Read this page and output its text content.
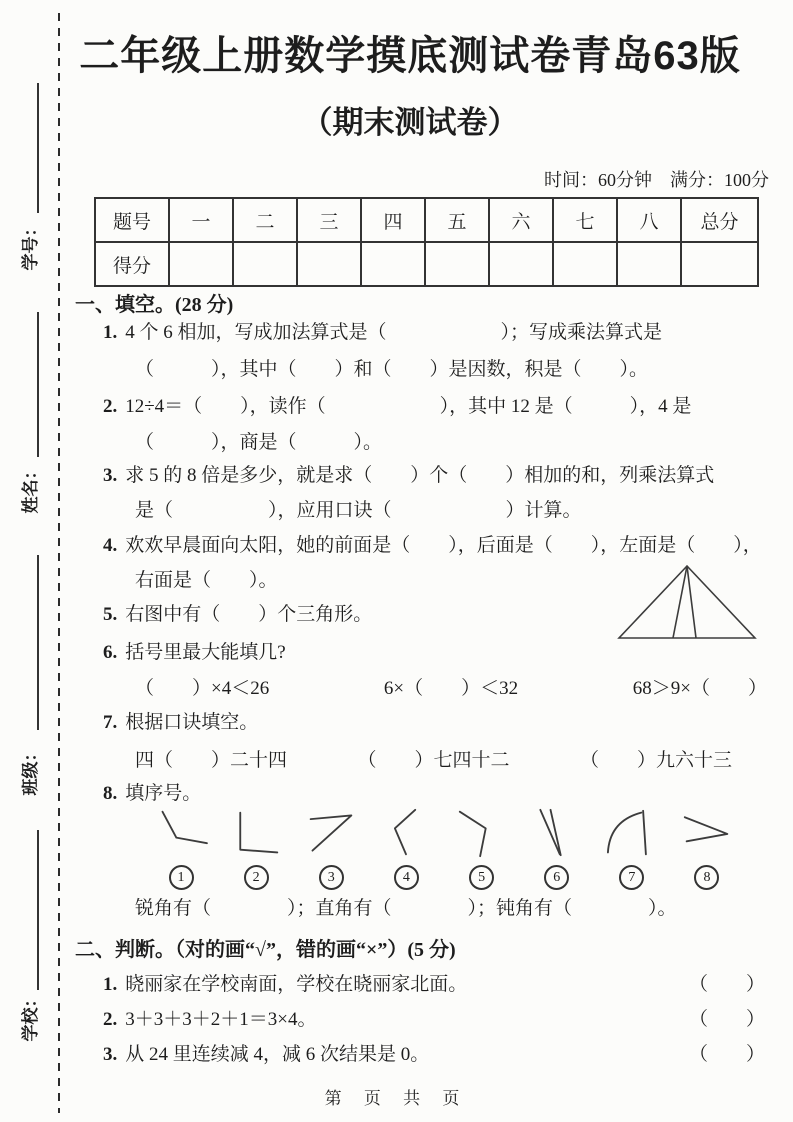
学号：
姓名：
班级：
学校：
二年级上册数学摸底测试卷青岛63版
（期末测试卷）
时间：60分钟　满分：100分
题号	一	二	三	四	五	六	七	八	总分
得分									
一、填空。(28 分)
1. 4 个 6 相加，写成加法算式是（　　　　　　）；写成乘法算式是
（　　　），其中（　　）和（　　）是因数，积是（　　）。
2. 12÷4＝（　　），读作（　　　　　　），其中 12 是（　　　），4 是
（　　　），商是（　　　）。
3. 求 5 的 8 倍是多少，就是求（　　）个（　　）相加的和，列乘法算式
是（　　　　　），应用口诀（　　　　　　）计算。
4. 欢欢早晨面向太阳，她的前面是（　　），后面是（　　），左面是（　　），
右面是（　　）。
5. 右图中有（　　）个三角形。
6. 括号里最大能填几?
（　　）×4＜26	6×（　　）＜32	68＞9×（　　）
7. 根据口诀填空。
四（　　）二十四	（　　）七四十二	（　　）九六十三
8. 填序号。
1	2	3	4	5	6	7	8
锐角有（　　　　）；直角有（　　　　）；钝角有（　　　　）。
二、判断。（对的画“√”，错的画“×”）(5 分)
1. 晓丽家在学校南面，学校在晓丽家北面。	（　　）
2. 3＋3＋3＋2＋1＝3×4。	（　　）
3. 从 24 里连续减 4，减 6 次结果是 0。	（　　）
第 页 共 页
